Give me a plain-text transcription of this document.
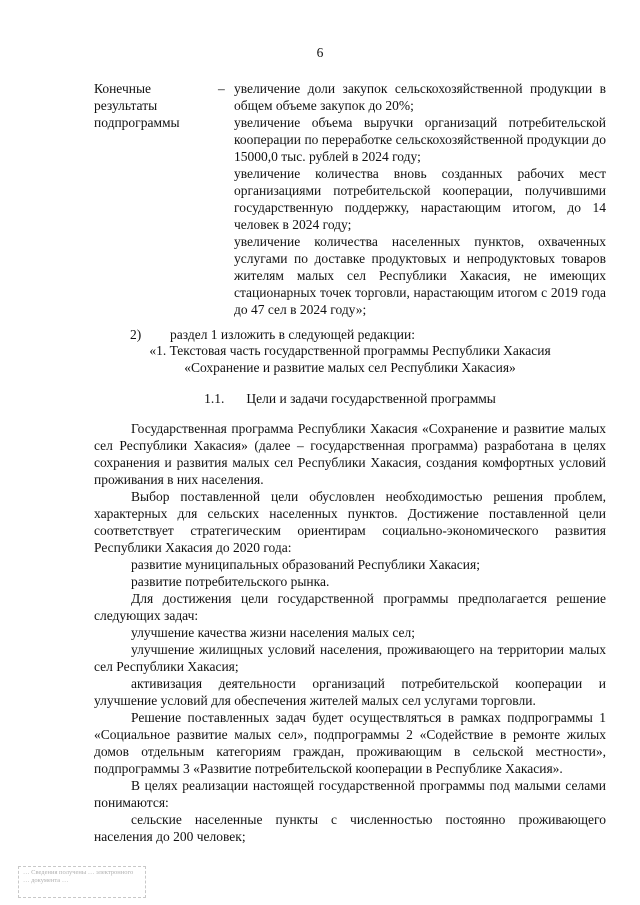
6
Конечные результаты подпрограммы
– увеличение доли закупок сельскохозяйственной продукции в общем объеме закупок до 20%;

увеличение объема выручки организаций потребительской кооперации по переработке сельскохозяйственной продукции до 15000,0 тыс. рублей в 2024 году;

увеличение количества вновь созданных рабочих мест организациями потребительской кооперации, получившими государственную поддержку, нарастающим итогом, до 14 человек в 2024 году;

увеличение количества населенных пунктов, охваченных услугами по доставке продуктовых и непродуктовых товаров жителям малых сел Республики Хакасия, не имеющих стационарных точек торговли, нарастающим итогом с 2019 года до 47 сел в 2024 году»;

2) раздел 1 изложить в следующей редакции:
«1. Текстовая часть государственной программы Республики Хакасия
«Сохранение и развитие малых сел Республики Хакасия»
1.1. Цели и задачи государственной программы

Государственная программа Республики Хакасия «Сохранение и развитие малых сел Республики Хакасия» (далее – государственная программа) разработана в целях сохранения и развития малых сел Республики Хакасия, создания комфортных условий проживания в них населения.

Выбор поставленной цели обусловлен необходимостью решения проблем, характерных для сельских населенных пунктов. Достижение поставленной цели соответствует стратегическим ориентирам социально-экономического развития Республики Хакасия до 2020 года:

развитие муниципальных образований Республики Хакасия;

развитие потребительского рынка.

Для достижения цели государственной программы предполагается решение следующих задач:

улучшение качества жизни населения малых сел;

улучшение жилищных условий населения, проживающего на территории малых сел Республики Хакасия;

активизация деятельности организаций потребительской кооперации и улучшение условий для обеспечения жителей малых сел услугами торговли.

Решение поставленных задач будет осуществляться в рамках подпрограммы 1 «Социальное развитие малых сел», подпрограммы 2 «Содействие в ремонте жилых домов отдельным категориям граждан, проживающим в сельской местности», подпрограммы 3 «Развитие потребительской кооперации в Республике Хакасия».

В целях реализации настоящей государственной программы под малыми селами понимаются:

сельские населенные пункты с численностью постоянно проживающего населения до 200 человек;

… Сведения получены … электронного … документа …
